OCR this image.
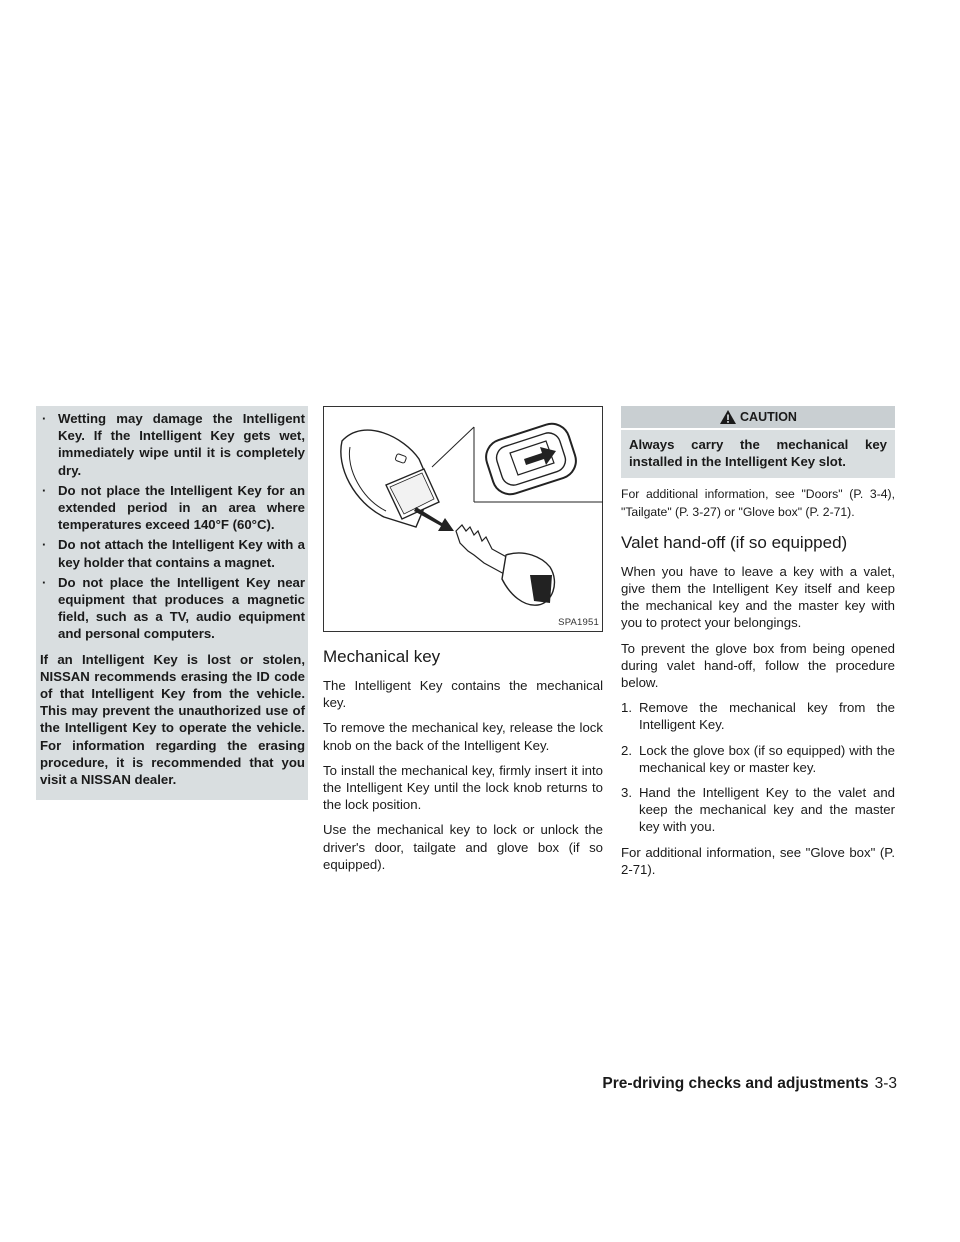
· Wetting may damage the Intelligent Key. If the Intelligent Key gets wet, immediately wipe until it is completely dry.
· Do not place the Intelligent Key for an extended period in an area where temperatures exceed 140°F (60°C).
· Do not attach the Intelligent Key with a key holder that contains a magnet.
· Do not place the Intelligent Key near equipment that produces a magnetic field, such as a TV, audio equipment and personal computers.
If an Intelligent Key is lost or stolen, NISSAN recommends erasing the ID code of that Intelligent Key from the vehicle. This may prevent the unauthorized use of the Intelligent Key to operate the vehicle. For information regarding the erasing procedure, it is recommended that you visit a NISSAN dealer.
SPA1951
Mechanical key

The Intelligent Key contains the mechanical key.

To remove the mechanical key, release the lock knob on the back of the Intelligent Key.

To install the mechanical key, firmly insert it into the Intelligent Key until the lock knob returns to the lock position.

Use the mechanical key to lock or unlock the driver's door, tailgate and glove box (if so equipped).

CAUTION
Always carry the mechanical key installed in the Intelligent Key slot.

For additional information, see "Doors" (P. 3-4), "Tailgate" (P. 3-27) or "Glove box" (P. 2-71).

Valet hand-off (if so equipped)

When you have to leave a key with a valet, give them the Intelligent Key itself and keep the mechanical key and the master key with you to protect your belongings.

To prevent the glove box from being opened during valet hand-off, follow the procedure below.

1. Remove the mechanical key from the Intelligent Key.
2. Lock the glove box (if so equipped) with the mechanical key or master key.
3. Hand the Intelligent Key to the valet and keep the mechanical key and the master key with you.

For additional information, see "Glove box" (P. 2-71).

Pre-driving checks and adjustments 3-3
